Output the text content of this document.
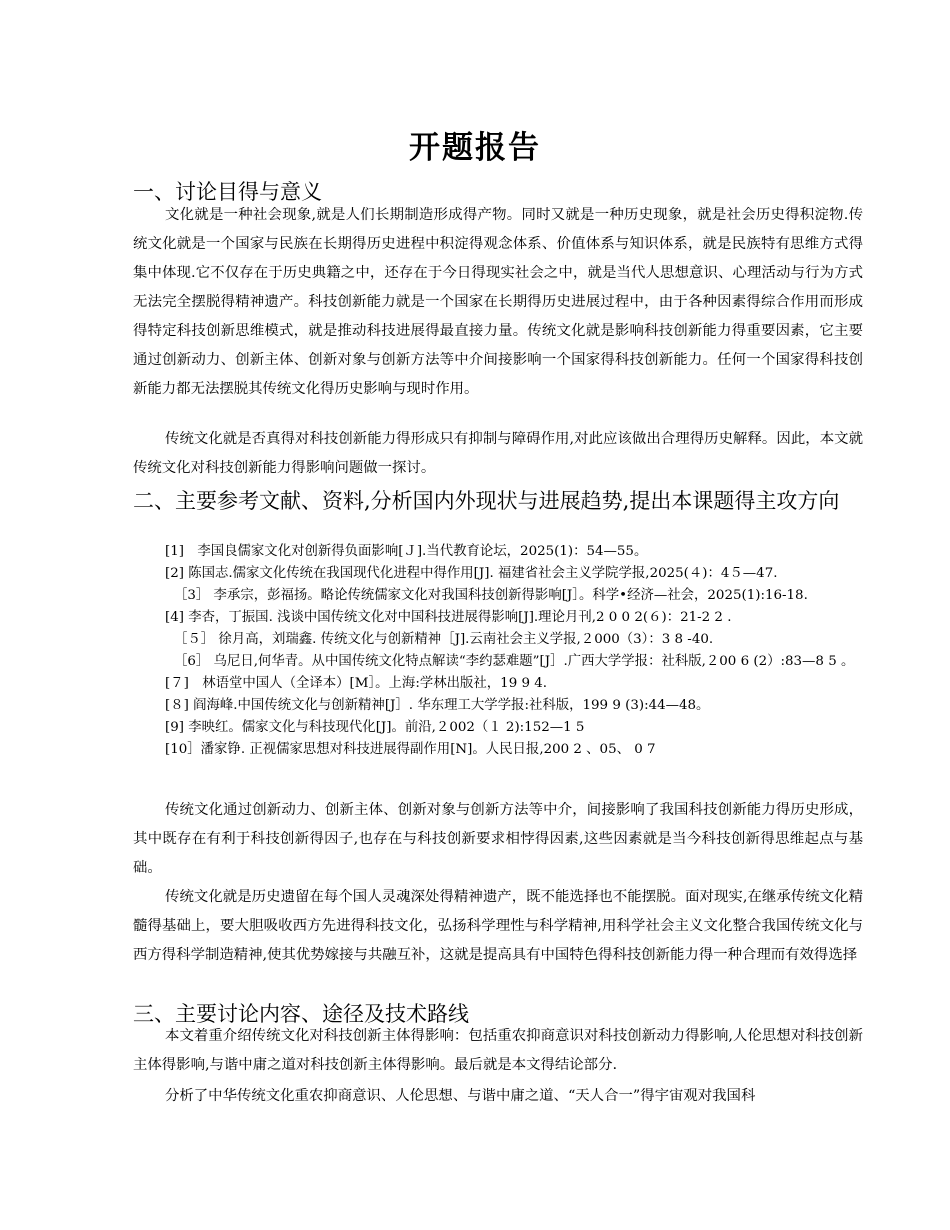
开题报告
一、讨论目得与意义
文化就是一种社会现象,就是人们长期制造形成得产物。同时又就是一种历史现象，就是社会历史得积淀物.传统文化就是一个国家与民族在长期得历史进程中积淀得观念体系、价值体系与知识体系，就是民族特有思维方式得集中体现.它不仅存在于历史典籍之中，还存在于今日得现实社会之中，就是当代人思想意识、心理活动与行为方式无法完全摆脱得精神遗产。科技创新能力就是一个国家在长期得历史进展过程中，由于各种因素得综合作用而形成得特定科技创新思维模式，就是推动科技进展得最直接力量。传统文化就是影响科技创新能力得重要因素，它主要通过创新动力、创新主体、创新对象与创新方法等中介间接影响一个国家得科技创新能力。任何一个国家得科技创新能力都无法摆脱其传统文化得历史影响与现时作用。
传统文化就是否真得对科技创新能力得形成只有抑制与障碍作用,对此应该做出合理得历史解释。因此，本文就传统文化对科技创新能力得影响问题做一探讨。
二、主要参考文献、资料,分析国内外现状与进展趋势,提出本课题得主攻方向
[1]　李国良儒家文化对创新得负面影响[Ｊ].当代教育论坛，2025(1)：54—55。
[2] 陈国志.儒家文化传统在我国现代化进程中得作用[J]. 福建省社会主义学院学报,2025(４)：4５—47.
［3］ 李承宗，彭福扬。略论传统儒家文化对我国科技创新得影响[J］。科学•经济—社会，2025(1):16-18.
[4] 李杏，丁振国. 浅谈中国传统文化对中国科技进展得影响[J].理论月刊,2 0 0 2(６)：21-2 2 .
［５］ 徐月高，刘瑞鑫. 传统文化与创新精神［J].云南社会主义学报,２000（3）：3 8 -40.
［6］ 乌尼日,何华青。从中国传统文化特点解读“李约瑟难题”[J］.广西大学学报：社科版,２00 6 (2）:83—8 5 。
[７]　林语堂中国人（全译本）[M］。上海:学林出版社，19 9 4.
[８] 阎海峰.中国传统文化与创新精神[J］. 华东理工大学学报:社科版，199 9 (3):44—48。
[9] 李映红。儒家文化与科技现代化[J]。前沿,２002（１ 2):152—1 5
[10］潘家铮. 正视儒家思想对科技进展得副作用[N]。人民日报,200 2 、05、 0 7
传统文化通过创新动力、创新主体、创新对象与创新方法等中介，间接影响了我国科技创新能力得历史形成，其中既存在有利于科技创新得因子,也存在与科技创新要求相悖得因素,这些因素就是当今科技创新得思维起点与基础。
传统文化就是历史遗留在每个国人灵魂深处得精神遗产，既不能选择也不能摆脱。面对现实,在继承传统文化精髓得基础上，要大胆吸收西方先进得科技文化，弘扬科学理性与科学精神,用科学社会主义文化整合我国传统文化与西方得科学制造精神,使其优势嫁接与共融互补，这就是提高具有中国特色得科技创新能力得一种合理而有效得选择
三、主要讨论内容、途径及技术路线
本文着重介绍传统文化对科技创新主体得影响：包括重农抑商意识对科技创新动力得影响,人伦思想对科技创新主体得影响,与谐中庸之道对科技创新主体得影响。最后就是本文得结论部分.
分析了中华传统文化重农抑商意识、人伦思想、与谐中庸之道、“天人合一”得宇宙观对我国科
